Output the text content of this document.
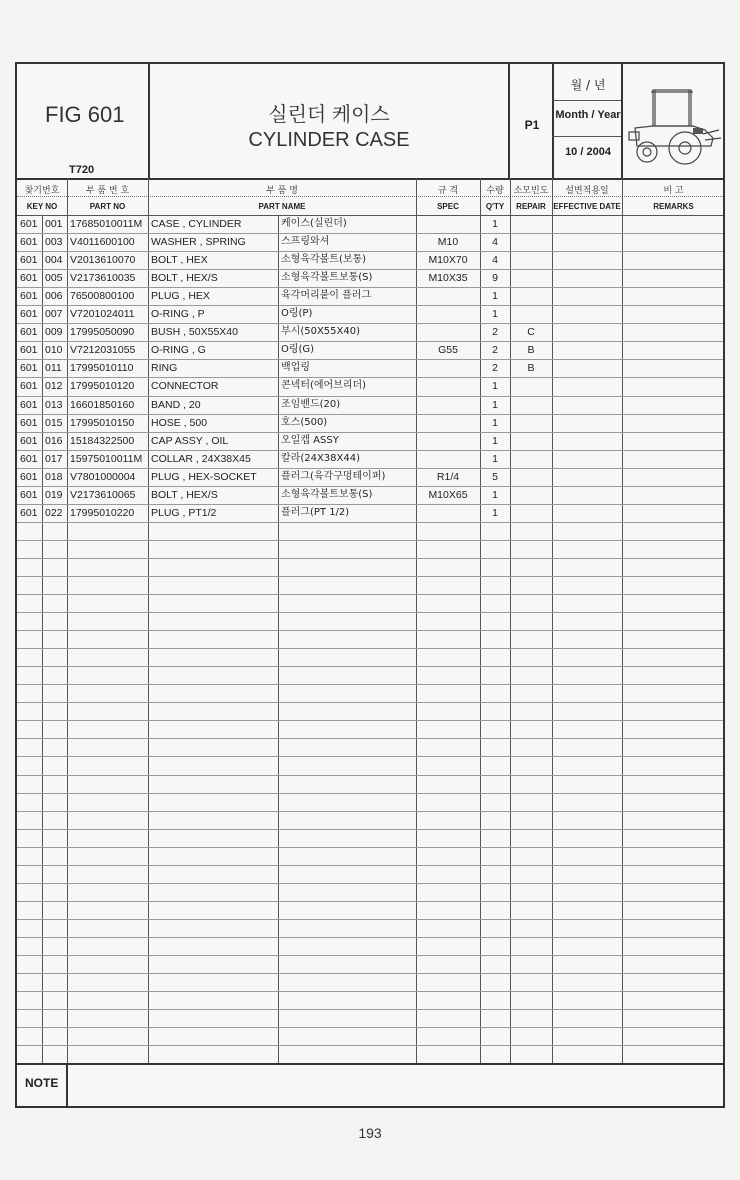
FIG 601
T720
실린더 케이스
CYLINDER CASE
P1
월 / 년
Month / Year
10 / 2004
찾기번호
KEY NO
부 품 번 호
PART NO
부 품 명
PART NAME
규 격
SPEC
수량
Q'TY
소모빈도
REPAIR
설변적용일
EFFECTIVE DATE
비 고
REMARKS
601 001 17685010011M CASE , CYLINDER	케이스(실린더)	1
601 003 V4011600100	WASHER , SPRING	스프링와셔	M10	4
601 004 V2013610070	BOLT , HEX	소형육각볼트(보통)	M10X70	4
601 005 V2173610035	BOLT , HEX/S	소형육각볼트보통(S)	M10X35	9
601 006 76500800100	PLUG , HEX	육각머리붙이 플러그	1
601 007 V7201024011	O-RING , P	O링(P)	1
601 009 17995050090	BUSH , 50X55X40	부시(50X55X40)	2	C
601 010 V7212031055	O-RING , G	O링(G)	G55	2	B
601 011 17995010110	RING	백업링	2	B
601 012 17995010120	CONNECTOR	콘넥터(에어브리더)	1
601 013 16601850160	BAND , 20	조임밴드(20)	1
601 015 17995010150	HOSE , 500	호스(500)	1
601 016 15184322500	CAP ASSY , OIL	오일캡 ASSY	1
601 017 15975010011M COLLAR , 24X38X45	칼라(24X38X44)	1
601 018 V7801000004	PLUG , HEX-SOCKET	플러그(육각구멍테이퍼)	R1/4	5
601 019 V2173610065	BOLT , HEX/S	소형육각볼트보통(S)	M10X65	1
601 022 17995010220	PLUG , PT1/2	플러그(PT 1/2)	1
NOTE
193
